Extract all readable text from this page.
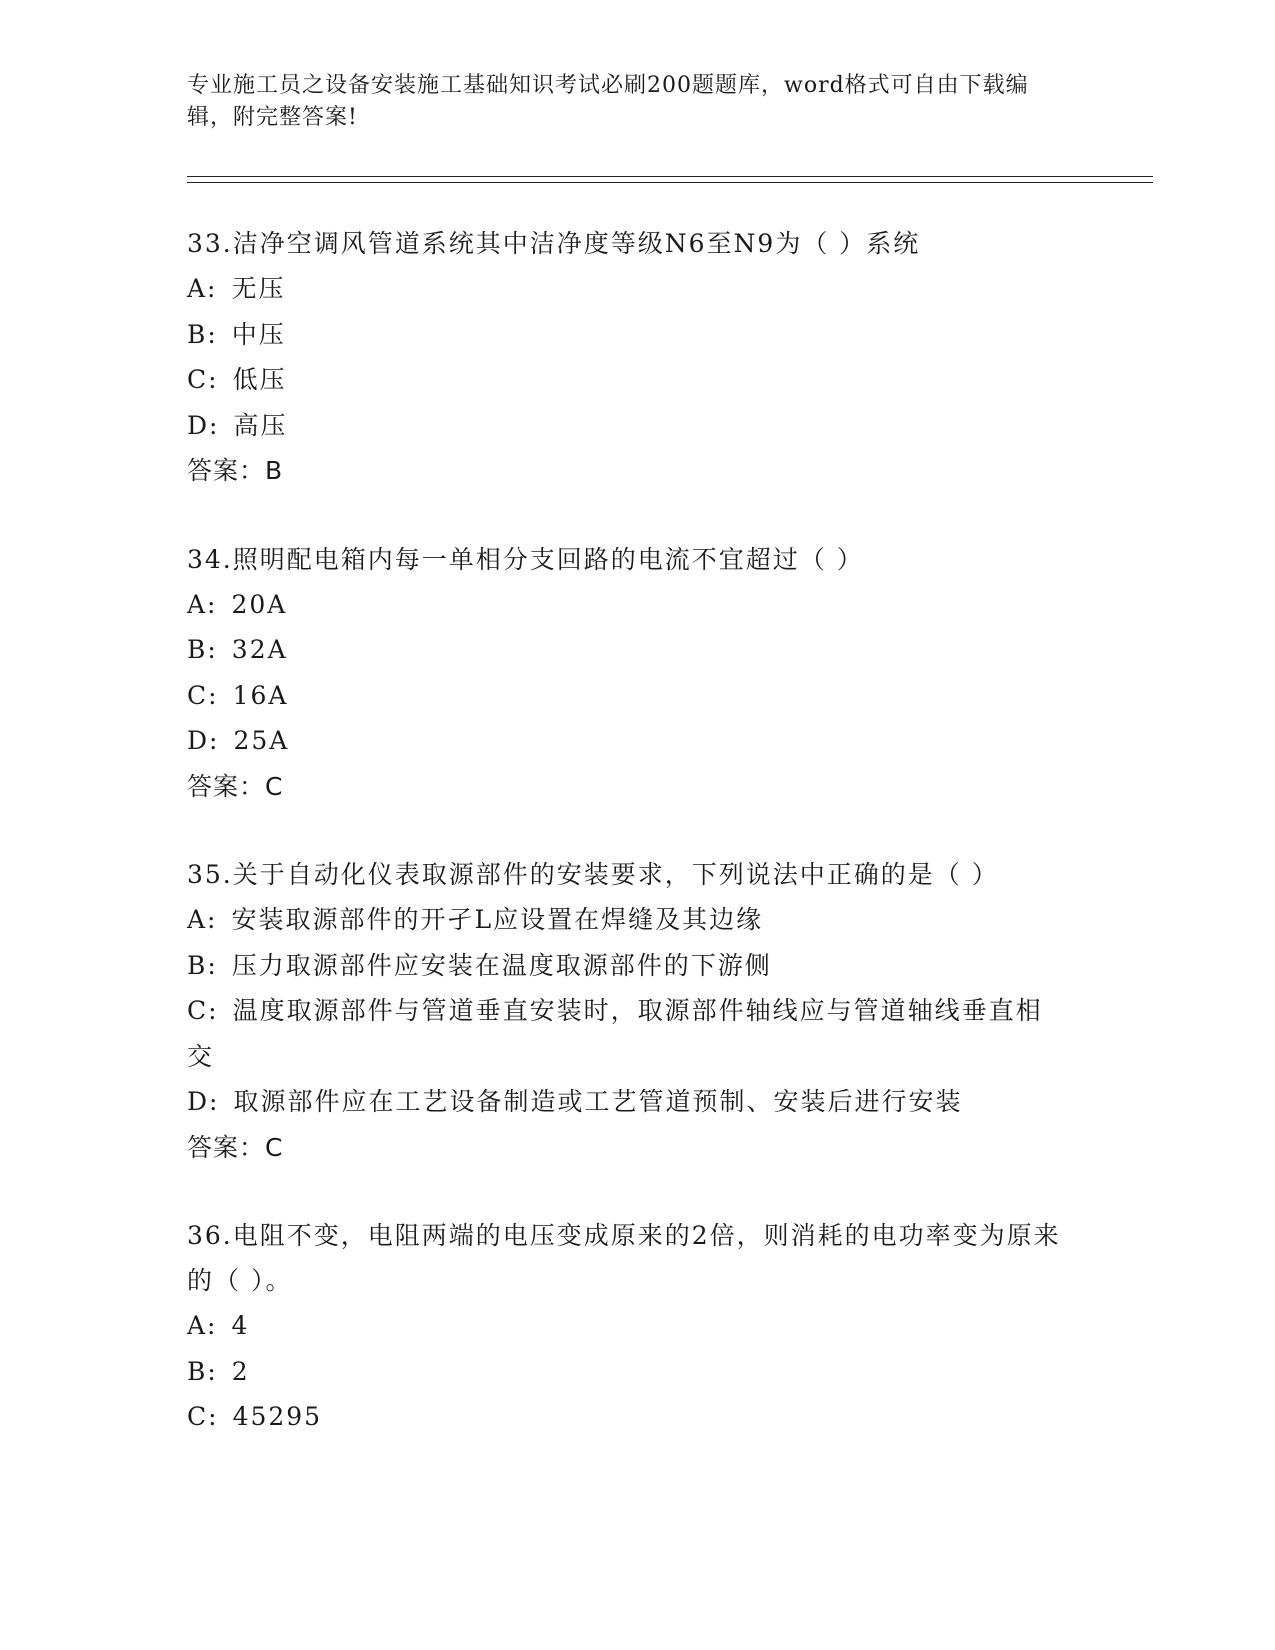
专业施工员之设备安装施工基础知识考试必刷200题题库，word格式可自由下载编辑，附完整答案!

33.洁净空调风管道系统其中洁净度等级N6至N9为（ ）系统

A: 无压

B: 中压

C: 低压

D: 高压

答案：B

34.照明配电箱内每一单相分支回路的电流不宜超过（ ）

A: 20A

B: 32A

C: 16A

D: 25A

答案：C

35.关于自动化仪表取源部件的安装要求，下列说法中正确的是（ ）

A: 安装取源部件的开孑L应设置在焊缝及其边缘

B: 压力取源部件应安装在温度取源部件的下游侧

C: 温度取源部件与管道垂直安装时，取源部件轴线应与管道轴线垂直相交

D: 取源部件应在工艺设备制造或工艺管道预制、安装后进行安装

答案：C

36.电阻不变，电阻两端的电压变成原来的2倍，则消耗的电功率变为原来的（ ）。

A: 4

B: 2

C: 45295
